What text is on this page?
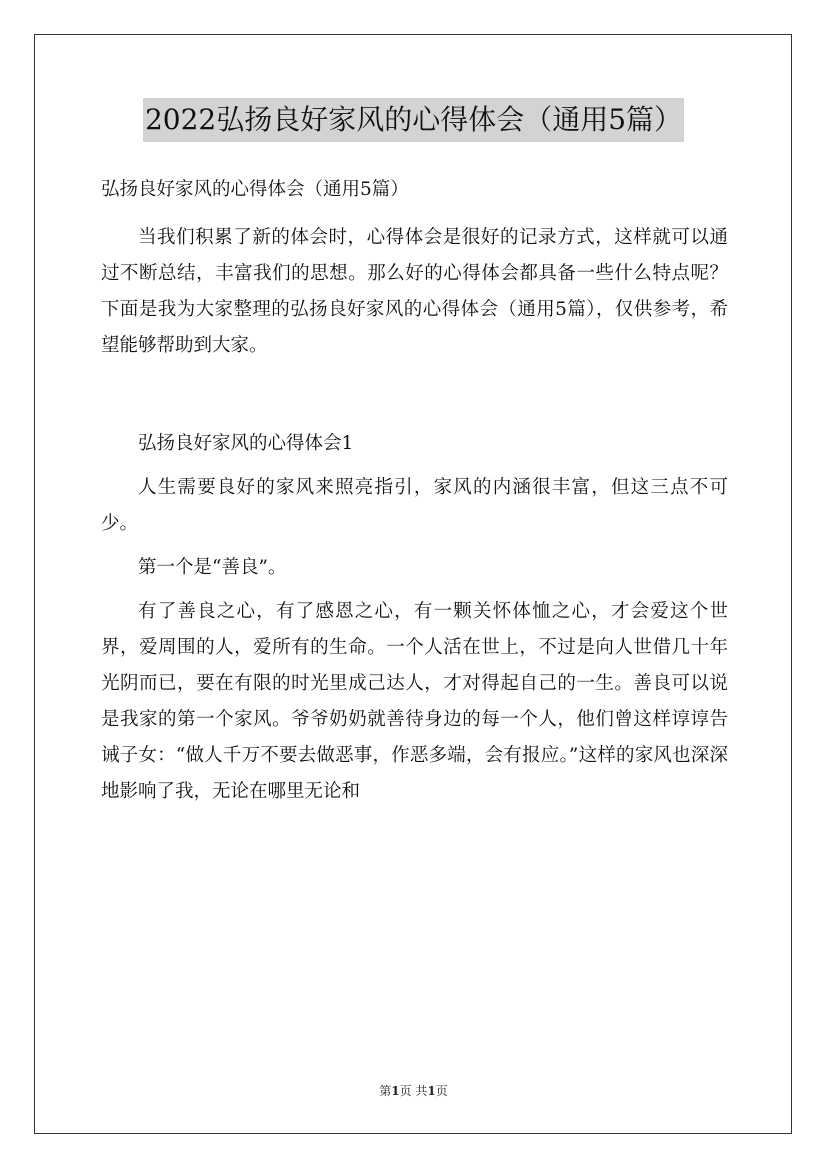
2022弘扬良好家风的心得体会（通用5篇）

弘扬良好家风的心得体会（通用5篇）

当我们积累了新的体会时，心得体会是很好的记录方式，这样就可以通过不断总结，丰富我们的思想。那么好的心得体会都具备一些什么特点呢？下面是我为大家整理的弘扬良好家风的心得体会（通用5篇），仅供参考，希望能够帮助到大家。

弘扬良好家风的心得体会1

人生需要良好的家风来照亮指引，家风的内涵很丰富，但这三点不可少。

第一个是“善良”。

有了善良之心，有了感恩之心，有一颗关怀体恤之心，才会爱这个世界，爱周围的人，爱所有的生命。一个人活在世上，不过是向人世借几十年光阴而已，要在有限的时光里成己达人，才对得起自己的一生。善良可以说是我家的第一个家风。爷爷奶奶就善待身边的每一个人，他们曾这样谆谆告诫子女：“做人千万不要去做恶事，作恶多端，会有报应。”这样的家风也深深地影响了我，无论在哪里无论和

第1页 共1页
